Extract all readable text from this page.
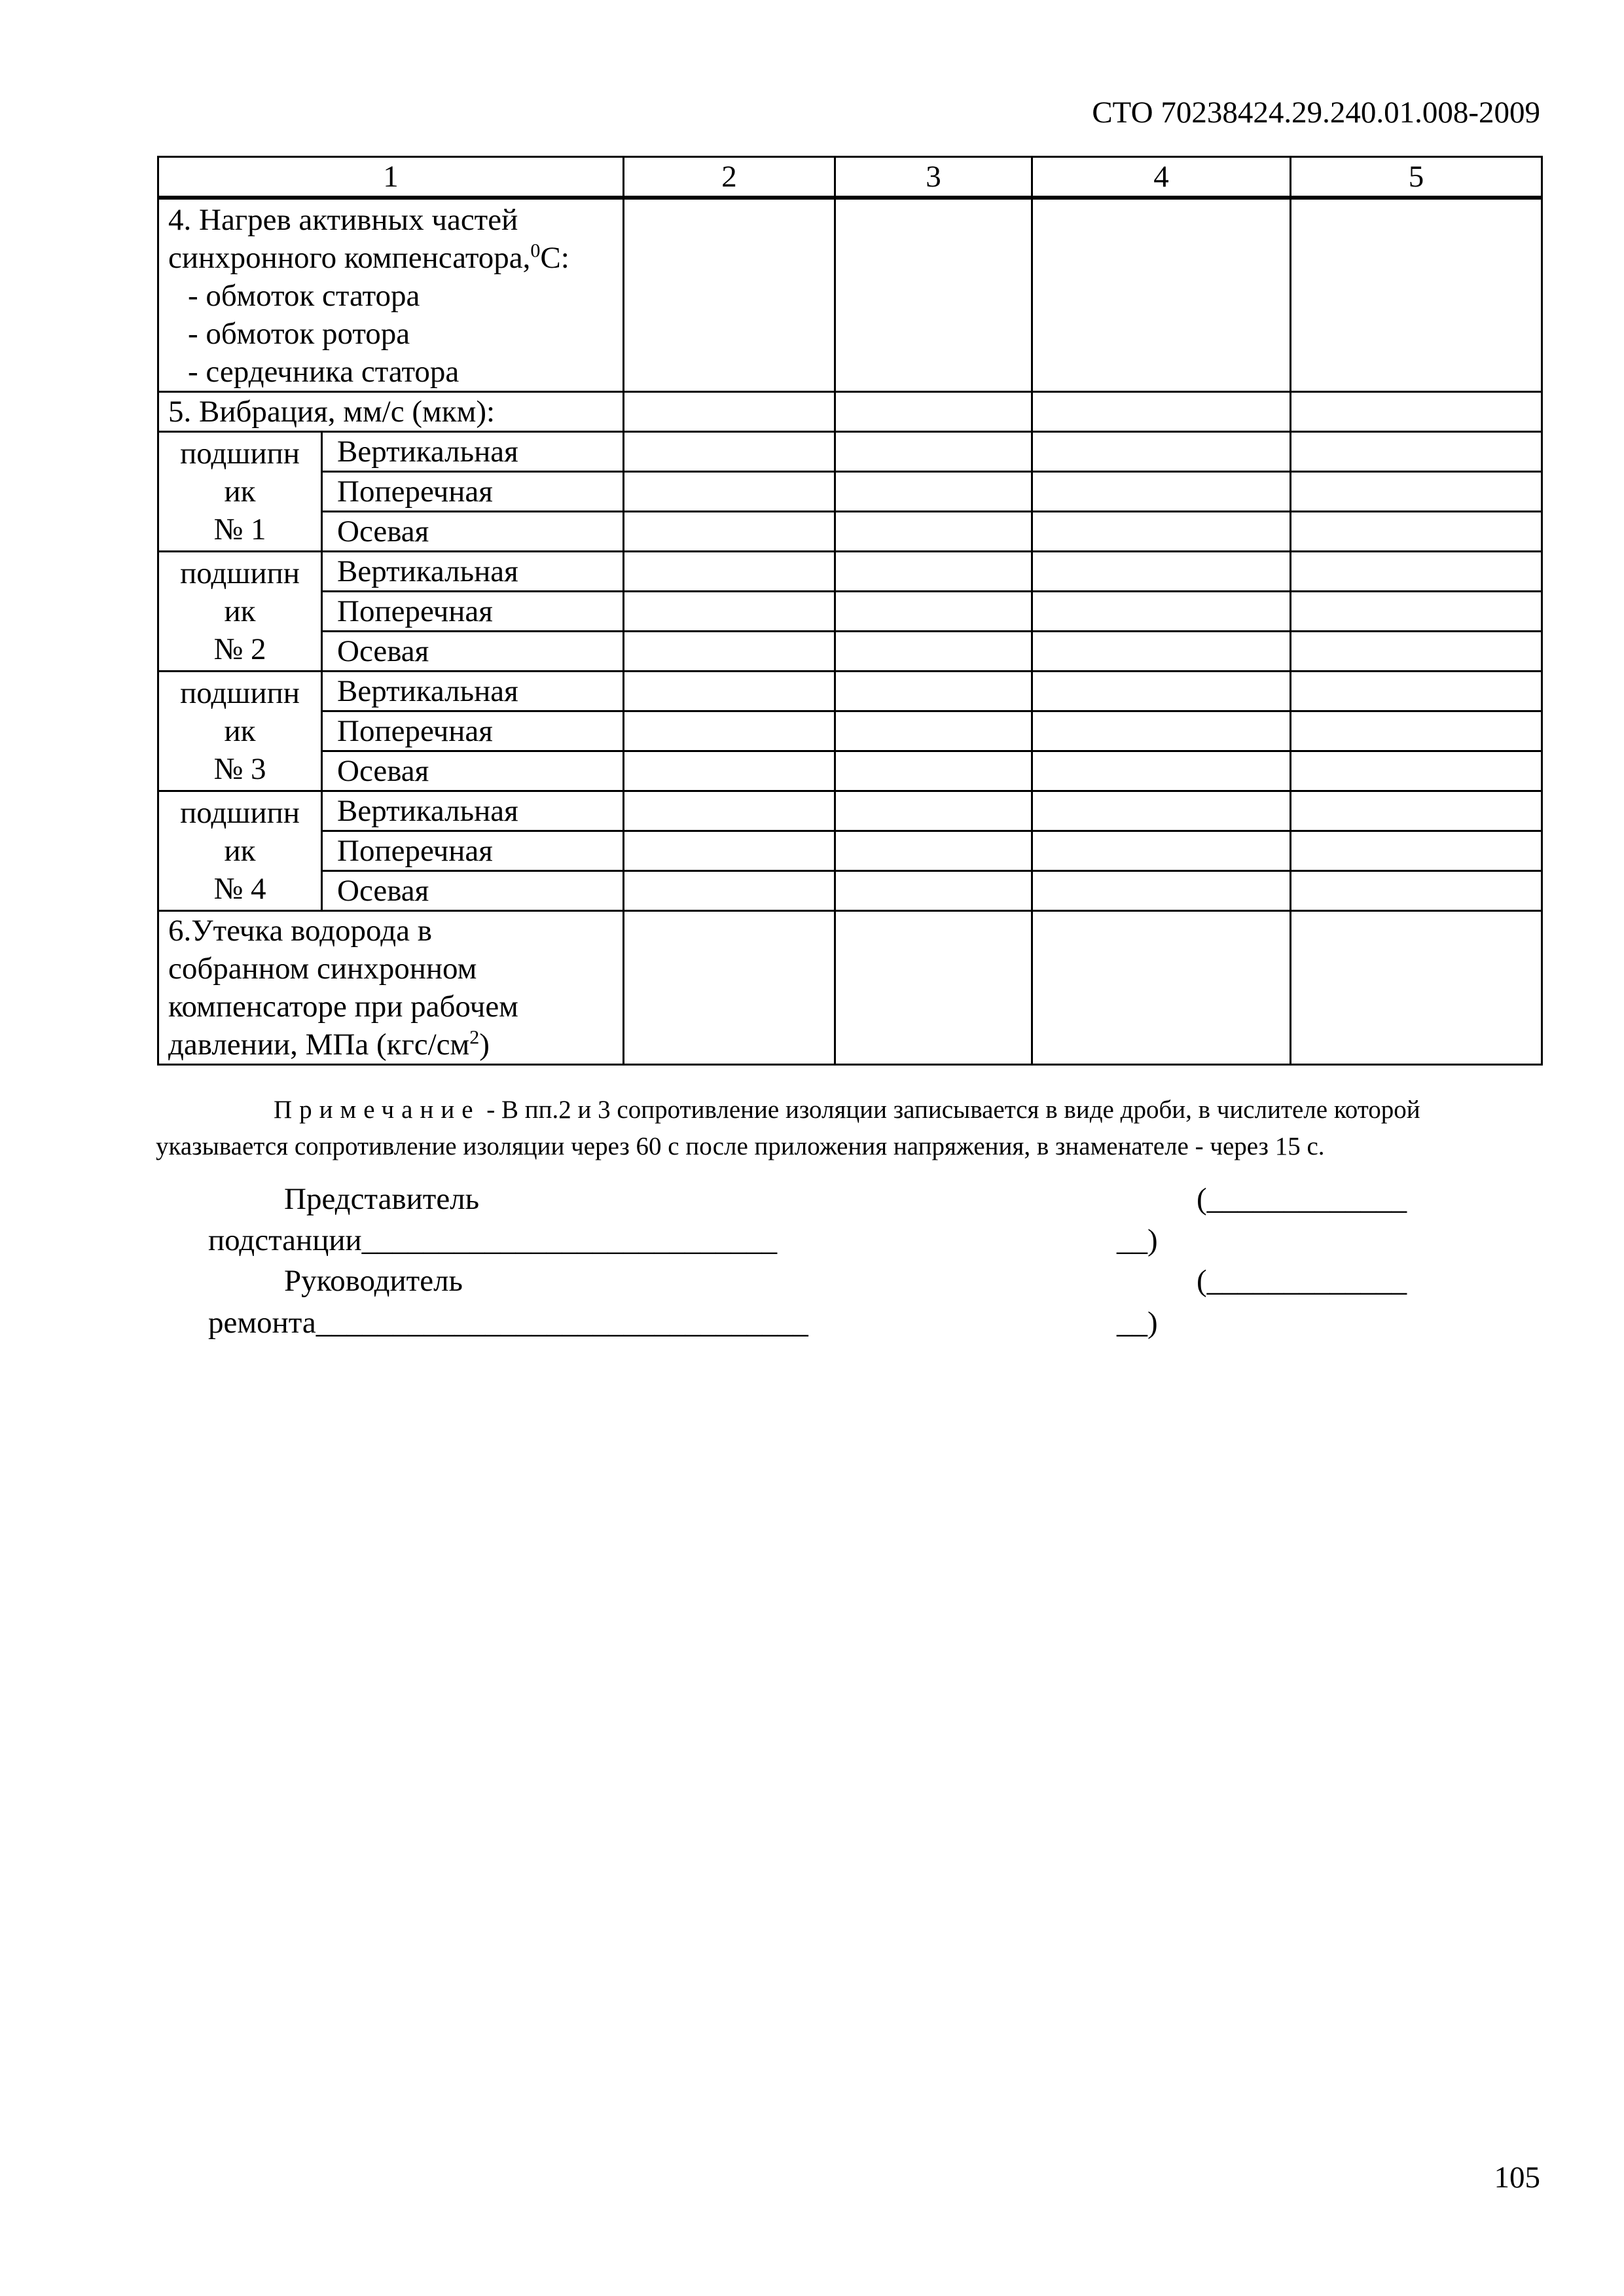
СТО 70238424.29.240.01.008-2009
1		2	3	4	5

4. Нагрев активных частей синхронного компенсатора,$^0$С:
- обмоток статора
- обмоток ротора
- сердечника статора					

5. Вибрация, мм/с (мкм):					

подшипн
ик
№ 1	Вертикальная				
	Поперечная				
	Осевая				

подшипн
ик
№ 2	Вертикальная				
	Поперечная				
	Осевая				

подшипн
ик
№ 3	Вертикальная				
	Поперечная				
	Осевая				

подшипн
ик
№ 4	Вертикальная				
	Поперечная				
	Осевая				

6.Утечка водорода в
собранном синхронном
компенсаторе при рабочем
давлении, МПа $(кгс/см^2)$					

Примечание - В пп.2 и 3 сопротивление изоляции записывается в виде дроби, в числителе которой
указывается сопротивление изоляции через 60 с после приложения напряжения, в знаменателе - через 15 с.
Представитель
подстанции___________________________
(_____________
__)
Руководитель
ремонта________________________________
(_____________
__)
105
